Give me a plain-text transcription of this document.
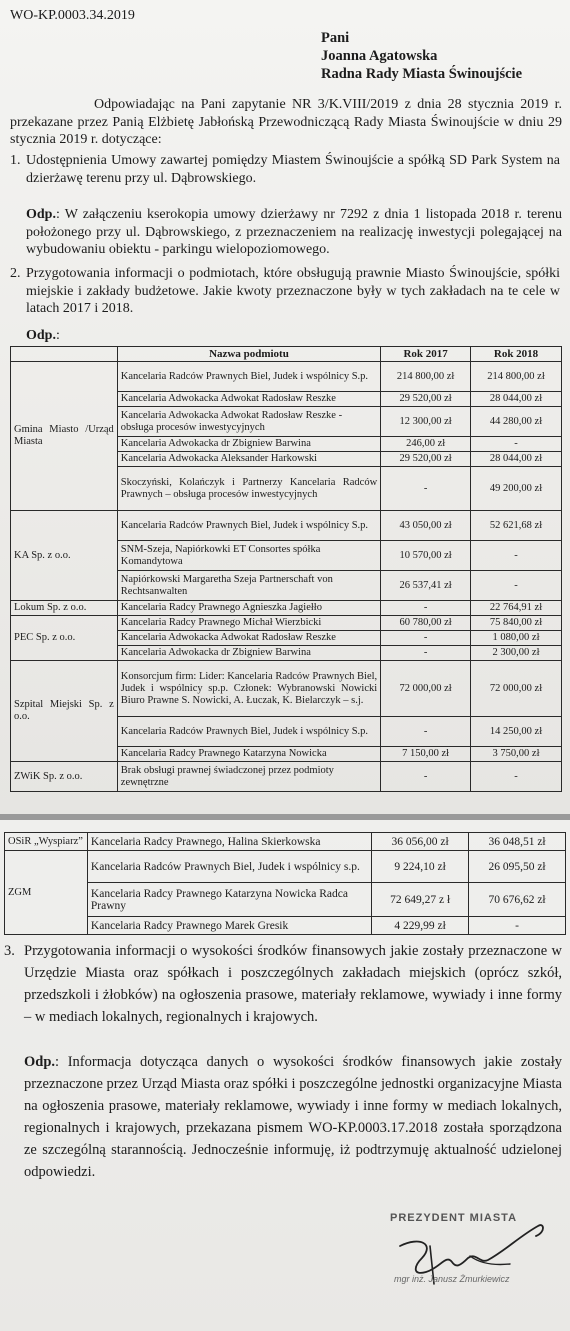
WO-KP.0003.34.2019
Pani
Joanna Agatowska
Radna Rady Miasta Świnoujście
Odpowiadając na Pani zapytanie NR 3/K.VIII/2019 z dnia 28 stycznia 2019 r. przekazane przez Panią Elżbietę Jabłońską Przewodniczącą Rady Miasta Świnoujście w dniu 29 stycznia 2019 r. dotyczące:
1. Udostępnienia Umowy zawartej pomiędzy Miastem Świnoujście a spółką SD Park System na dzierżawę terenu przy ul. Dąbrowskiego.
Odp.: W załączeniu kserokopia umowy dzierżawy nr 7292 z dnia 1 listopada 2018 r. terenu położonego przy ul. Dąbrowskiego, z przeznaczeniem na realizację inwestycji polegającej na wybudowaniu obiektu - parkingu wielopoziomowego.
2. Przygotowania informacji o podmiotach, które obsługują prawnie Miasto Świnoujście, spółki miejskie i zakłady budżetowe. Jakie kwoty przeznaczone były w tych zakładach na te cele w latach 2017 i 2018.
Odp.:
	Nazwa podmiotu	Rok 2017	Rok 2018
Gmina Miasto /Urząd Miasta	Kancelaria Radców Prawnych Biel, Judek i wspólnicy S.p.	214 800,00 zł	214 800,00 zł
	Kancelaria Adwokacka Adwokat Radosław Reszke	29 520,00 zł	28 044,00 zł
	Kancelaria Adwokacka Adwokat Radosław Reszke - obsługa procesów inwestycyjnych	12 300,00 zł	44 280,00 zł
	Kancelaria Adwokacka dr Zbigniew Barwina	246,00 zł	-
	Kancelaria Adwokacka Aleksander Harkowski	29 520,00 zł	28 044,00 zł
	Skoczyński, Kolańczyk i Partnerzy Kancelaria Radców Prawnych – obsługa procesów inwestycyjnych	-	49 200,00 zł
KA Sp. z o.o.	Kancelaria Radców Prawnych Biel, Judek i wspólnicy S.p.	43 050,00 zł	52 621,68 zł
	SNM-Szeja, Napiórkowki ET Consortes spółka Komandytowa	10 570,00 zł	-
	Napiórkowski Margaretha Szeja Partnerschaft von Rechtsanwalten	26 537,41 zł	-
Lokum Sp. z o.o.	Kancelaria Radcy Prawnego Agnieszka Jagiełło	-	22 764,91 zł
PEC Sp. z o.o.	Kancelaria Radcy Prawnego Michał Wierzbicki	60 780,00 zł	75 840,00 zł
	Kancelaria Adwokacka Adwokat Radosław Reszke	-	1 080,00 zł
	Kancelaria Adwokacka dr Zbigniew Barwina	-	2 300,00 zł
Szpital Miejski Sp. z o.o.	Konsorcjum firm: Lider: Kancelaria Radców Prawnych Biel, Judek i wspólnicy sp.p. Członek: Wybranowski Nowicki Biuro Prawne S. Nowicki, A. Łuczak, K. Bielarczyk – s.j.	72 000,00 zł	72 000,00 zł
	Kancelaria Radców Prawnych Biel, Judek i wspólnicy S.p.	-	14 250,00 zł
	Kancelaria Radcy Prawnego Katarzyna Nowicka	7 150,00 zł	3 750,00 zł
ZWiK Sp. z o.o.	Brak obsługi prawnej świadczonej przez podmioty zewnętrzne	-	-
OSiR „Wyspiarz”	Kancelaria Radcy Prawnego, Halina Skierkowska	36 056,00 zł	36 048,51 zł
ZGM	Kancelaria Radców Prawnych Biel, Judek i wspólnicy s.p.	9 224,10 zł	26 095,50 zł
	Kancelaria Radcy Prawnego Katarzyna Nowicka Radca Prawny	72 649,27 z ł	70 676,62 zł
	Kancelaria Radcy Prawnego Marek Gresik	4 229,99 zł	-
3. Przygotowania informacji o wysokości środków finansowych jakie zostały przeznaczone w Urzędzie Miasta oraz spółkach i poszczególnych zakładach miejskich (oprócz szkół, przedszkoli i żłobków) na ogłoszenia prasowe, materiały reklamowe, wywiady i inne formy – w mediach lokalnych, regionalnych i krajowych.
Odp.: Informacja dotycząca danych o wysokości środków finansowych jakie zostały przeznaczone przez Urząd Miasta oraz spółki i poszczególne jednostki organizacyjne Miasta na ogłoszenia prasowe, materiały reklamowe, wywiady i inne formy w mediach lokalnych, regionalnych i krajowych, przekazana pismem WO-KP.0003.17.2018 została sporządzona ze szczególną starannością. Jednocześnie informuję, iż podtrzymuję aktualność udzielonej odpowiedzi.
PREZYDENT MIASTA
mgr inż. Janusz Żmurkiewicz
